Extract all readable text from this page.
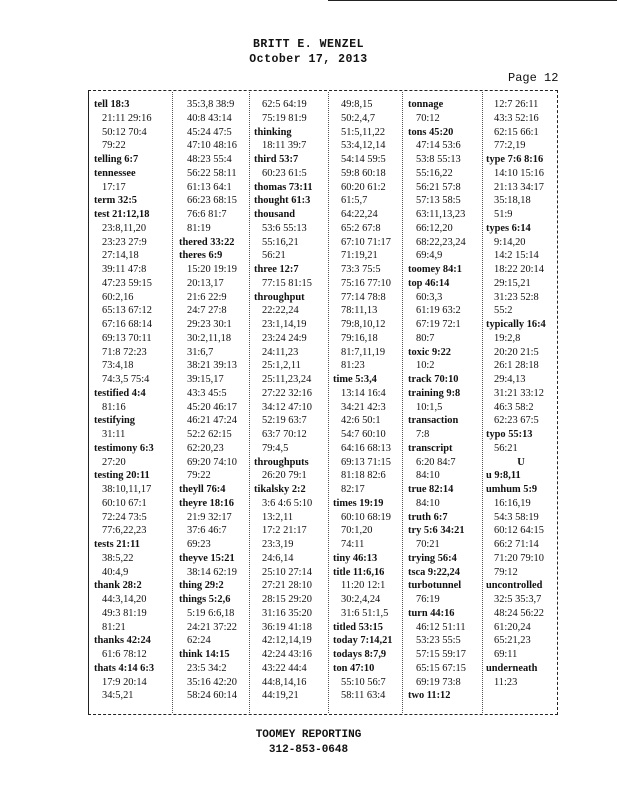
BRITT E. WENZEL
October 17, 2013
Page 12
tell 18:3
21:11 29:16
50:12 70:4
79:22
telling 6:7
tennessee
17:17
term 32:5
test 21:12,18
23:8,11,20
23:23 27:9
27:14,18
39:11 47:8
47:23 59:15
60:2,16
65:13 67:12
67:16 68:14
69:13 70:11
71:8 72:23
73:4,18
74:3,5 75:4
testified 4:4
81:16
testifying
31:11
testimony 6:3
27:20
testing 20:11
38:10,11,17
60:10 67:1
72:24 73:5
77:6,22,23
tests 21:11
38:5,22
40:4,9
thank 28:2
44:3,14,20
49:3 81:19
81:21
thanks 42:24
61:6 78:12
thats 4:14 6:3
17:9 20:14
34:5,21
35:3,8 38:9
40:8 43:14
45:24 47:5
47:10 48:16
48:23 55:4
56:22 58:11
61:13 64:1
66:23 68:15
76:6 81:7
81:19
thered 33:22
theres 6:9
15:20 19:19
20:13,17
21:6 22:9
24:7 27:8
29:23 30:1
30:2,11,18
31:6,7
38:21 39:13
39:15,17
43:3 45:5
45:20 46:17
46:21 47:24
52:2 62:15
62:20,23
69:20 74:10
79:22
theyll 76:4
theyre 18:16
21:9 32:17
37:6 46:7
69:23
theyve 15:21
38:14 62:19
thing 29:2
things 5:2,6
5:19 6:6,18
24:21 37:22
62:24
think 14:15
23:5 34:2
35:16 42:20
58:24 60:14
62:5 64:19
75:19 81:9
thinking
18:11 39:7
third 53:7
60:23 61:5
thomas 73:11
thought 61:3
thousand
53:6 55:13
55:16,21
56:21
three 12:7
77:15 81:15
throughput
22:22,24
23:1,14,19
23:24 24:9
24:11,23
25:1,2,11
25:11,23,24
27:22 32:16
34:12 47:10
52:19 63:7
63:7 70:12
79:4,5
throughputs
26:20 79:1
tikalsky 2:2
3:6 4:6 5:10
13:2,11
17:2 21:17
23:3,19
24:6,14
25:10 27:14
27:21 28:10
28:15 29:20
31:16 35:20
36:19 41:18
42:12,14,19
42:24 43:16
43:22 44:4
44:8,14,16
44:19,21
49:8,15
50:2,4,7
51:5,11,22
53:4,12,14
54:14 59:5
59:8 60:18
60:20 61:2
61:5,7
64:22,24
65:2 67:8
67:10 71:17
71:19,21
73:3 75:5
75:16 77:10
77:14 78:8
78:11,13
79:8,10,12
79:16,18
81:7,11,19
81:23
time 5:3,4
13:14 16:4
34:21 42:3
42:6 50:1
54:7 60:10
64:16 68:13
69:13 71:15
81:18 82:6
82:17
times 19:19
60:10 68:19
70:1,20
74:11
tiny 46:13
title 11:6,16
11:20 12:1
30:2,4,24
31:6 51:1,5
titled 53:15
today 7:14,21
todays 8:7,9
ton 47:10
55:10 56:7
58:11 63:4
tonnage
70:12
tons 45:20
47:14 53:6
53:8 55:13
55:16,22
56:21 57:8
57:13 58:5
63:11,13,23
66:12,20
68:22,23,24
69:4,9
toomey 84:1
top 46:14
60:3,3
61:19 63:2
67:19 72:1
80:7
toxic 9:22
10:2
track 70:10
training 9:8
10:1,5
transaction
7:8
transcript
6:20 84:7
84:10
true 82:14
84:10
truth 6:7
try 5:6 34:21
70:21
trying 56:4
tsca 9:22,24
turbotunnel
76:19
turn 44:16
46:12 51:11
53:23 55:5
57:15 59:17
65:15 67:15
69:19 73:8
two 11:12
12:7 26:11
43:3 52:16
62:15 66:1
77:2,19
type 7:6 8:16
14:10 15:16
21:13 34:17
35:18,18
51:9
types 6:14
9:14,20
14:2 15:14
18:22 20:14
29:15,21
31:23 52:8
55:2
typically 16:4
19:2,8
20:20 21:5
26:1 28:18
29:4,13
31:21 33:12
46:3 58:2
62:23 67:5
typo 55:13
56:21
U
u 9:8,11
umhum 5:9
16:16,19
54:3 58:19
60:12 64:15
66:2 71:14
71:20 79:10
79:12
uncontrolled
32:5 35:3,7
48:24 56:22
61:20,24
65:21,23
69:11
underneath
11:23
TOOMEY REPORTING
312-853-0648
